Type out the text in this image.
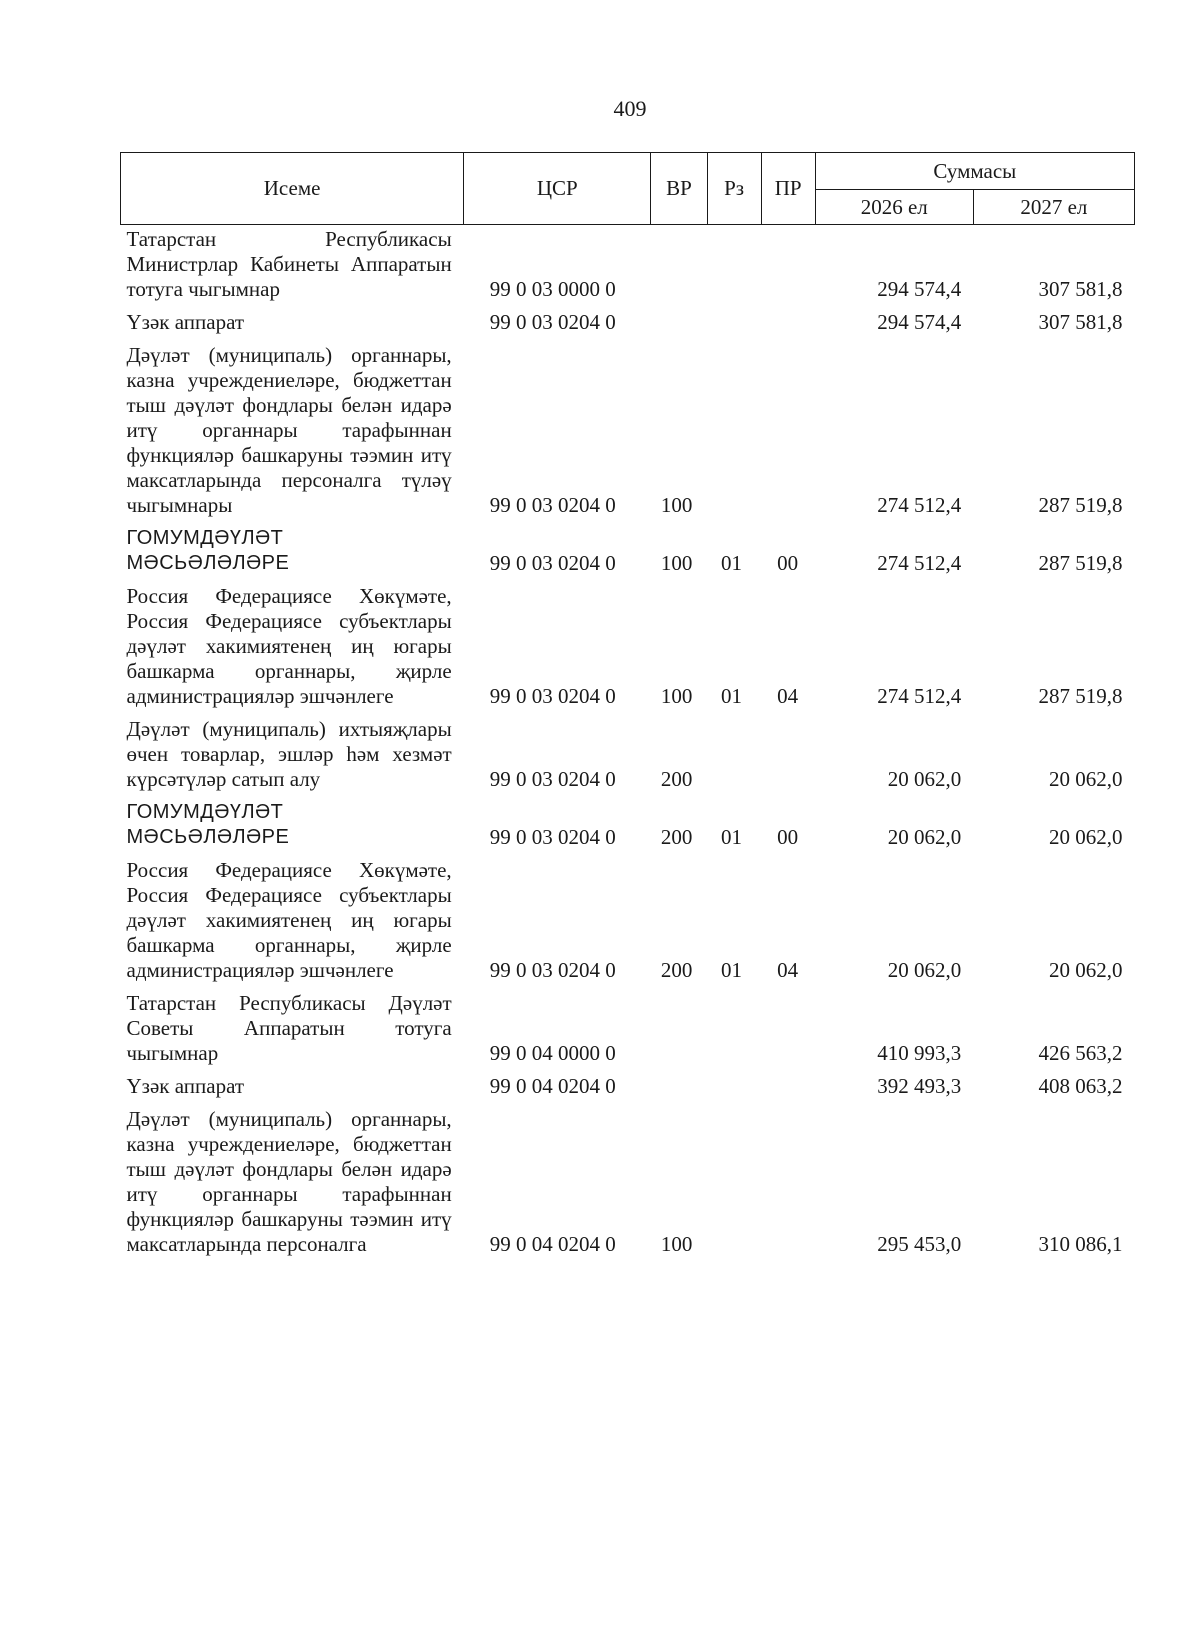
409
Исеме	ЦСР	ВР	Рз	ПР	Суммасы	
					2026 ел	2027 ел
Татарстан Республикасы Министрлар Кабинеты Аппаратын тотуга чыгымнар	99 0 03 0000 0				294 574,4	307 581,8
Үзәк аппарат	99 0 03 0204 0				294 574,4	307 581,8
Дәүләт (муниципаль) органнары, казна учреждениеләре, бюджеттан тыш дәүләт фондлары белән идарә итү органнары тарафыннан функцияләр башкаруны тәэмин итү максатларында персоналга түләү чыгымнары	99 0 03 0204 0	100			274 512,4	287 519,8
ГОМУМДӘҮЛӘТ МӘСЬӘЛӘЛӘРЕ	99 0 03 0204 0	100	01	00	274 512,4	287 519,8
Россия Федерациясе Хөкүмәте, Россия Федерациясе субъектлары дәүләт хакимиятенең иң югары башкарма органнары, җирле администрацияләр эшчәнлеге	99 0 03 0204 0	100	01	04	274 512,4	287 519,8
Дәүләт (муниципаль) ихтыяҗлары өчен товарлар, эшләр һәм хезмәт күрсәтүләр сатып алу	99 0 03 0204 0	200			20 062,0	20 062,0
ГОМУМДӘҮЛӘТ МӘСЬӘЛӘЛӘРЕ	99 0 03 0204 0	200	01	00	20 062,0	20 062,0
Россия Федерациясе Хөкүмәте, Россия Федерациясе субъектлары дәүләт хакимиятенең иң югары башкарма органнары, җирле администрацияләр эшчәнлеге	99 0 03 0204 0	200	01	04	20 062,0	20 062,0
Татарстан Республикасы Дәүләт Советы Аппаратын тотуга чыгымнар	99 0 04 0000 0				410 993,3	426 563,2
Үзәк аппарат	99 0 04 0204 0				392 493,3	408 063,2
Дәүләт (муниципаль) органнары, казна учреждениеләре, бюджеттан тыш дәүләт фондлары белән идарә итү органнары тарафыннан функцияләр башкаруны тәэмин итү максатларында персоналга	99 0 04 0204 0	100			295 453,0	310 086,1
